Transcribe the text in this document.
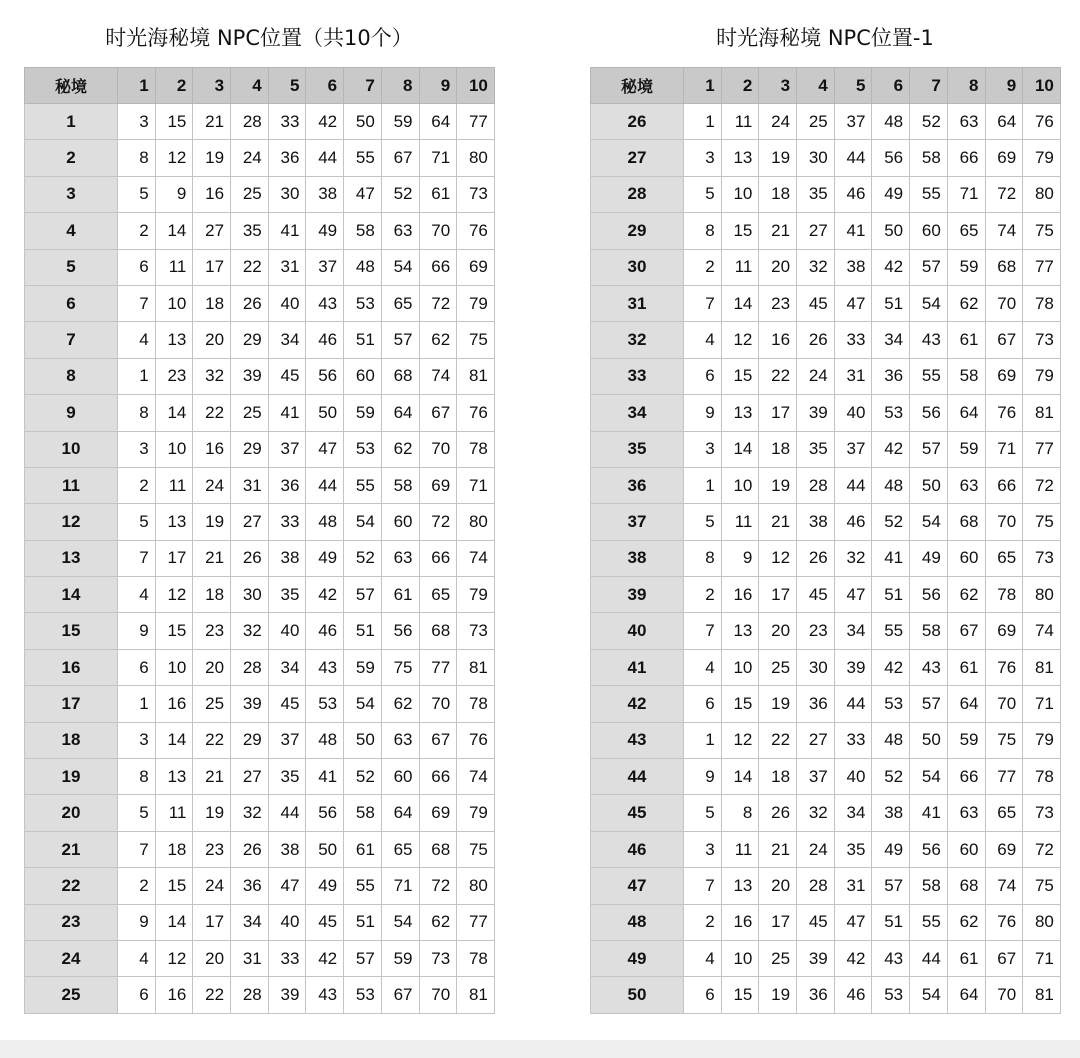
时光海秘境 NPC位置（共10个）
秘境	1	2	3	4	5	6	7	8	9	10
1	3	15	21	28	33	42	50	59	64	77
2	8	12	19	24	36	44	55	67	71	80
3	5	9	16	25	30	38	47	52	61	73
4	2	14	27	35	41	49	58	63	70	76
5	6	11	17	22	31	37	48	54	66	69
6	7	10	18	26	40	43	53	65	72	79
7	4	13	20	29	34	46	51	57	62	75
8	1	23	32	39	45	56	60	68	74	81
9	8	14	22	25	41	50	59	64	67	76
10	3	10	16	29	37	47	53	62	70	78
11	2	11	24	31	36	44	55	58	69	71
12	5	13	19	27	33	48	54	60	72	80
13	7	17	21	26	38	49	52	63	66	74
14	4	12	18	30	35	42	57	61	65	79
15	9	15	23	32	40	46	51	56	68	73
16	6	10	20	28	34	43	59	75	77	81
17	1	16	25	39	45	53	54	62	70	78
18	3	14	22	29	37	48	50	63	67	76
19	8	13	21	27	35	41	52	60	66	74
20	5	11	19	32	44	56	58	64	69	79
21	7	18	23	26	38	50	61	65	68	75
22	2	15	24	36	47	49	55	71	72	80
23	9	14	17	34	40	45	51	54	62	77
24	4	12	20	31	33	42	57	59	73	78
25	6	16	22	28	39	43	53	67	70	81
时光海秘境 NPC位置-1
秘境	1	2	3	4	5	6	7	8	9	10
26	1	11	24	25	37	48	52	63	64	76
27	3	13	19	30	44	56	58	66	69	79
28	5	10	18	35	46	49	55	71	72	80
29	8	15	21	27	41	50	60	65	74	75
30	2	11	20	32	38	42	57	59	68	77
31	7	14	23	45	47	51	54	62	70	78
32	4	12	16	26	33	34	43	61	67	73
33	6	15	22	24	31	36	55	58	69	79
34	9	13	17	39	40	53	56	64	76	81
35	3	14	18	35	37	42	57	59	71	77
36	1	10	19	28	44	48	50	63	66	72
37	5	11	21	38	46	52	54	68	70	75
38	8	9	12	26	32	41	49	60	65	73
39	2	16	17	45	47	51	56	62	78	80
40	7	13	20	23	34	55	58	67	69	74
41	4	10	25	30	39	42	43	61	76	81
42	6	15	19	36	44	53	57	64	70	71
43	1	12	22	27	33	48	50	59	75	79
44	9	14	18	37	40	52	54	66	77	78
45	5	8	26	32	34	38	41	63	65	73
46	3	11	21	24	35	49	56	60	69	72
47	7	13	20	28	31	57	58	68	74	75
48	2	16	17	45	47	51	55	62	76	80
49	4	10	25	39	42	43	44	61	67	71
50	6	15	19	36	46	53	54	64	70	81
